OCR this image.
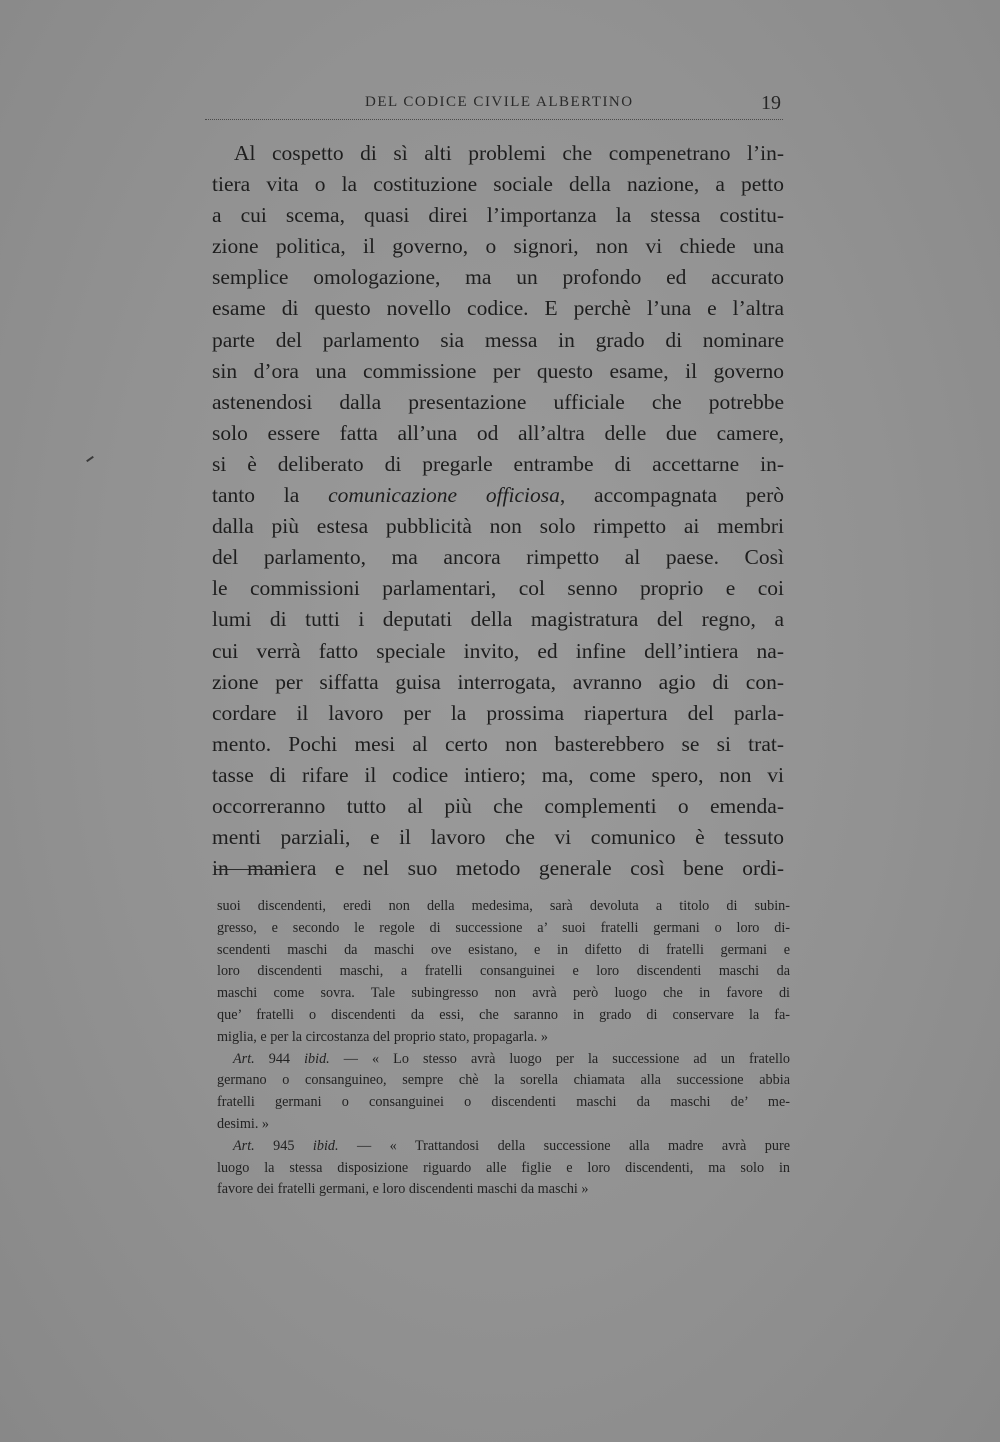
DEL CODICE CIVILE ALBERTINO	19
Al cospetto di sì alti problemi che compenetrano l’in-
tiera vita o la costituzione sociale della nazione, a petto
a cui scema, quasi direi l’importanza la stessa costitu-
zione politica, il governo, o signori, non vi chiede una
semplice omologazione, ma un profondo ed accurato
esame di questo novello codice. E perchè l’una e l’altra
parte del parlamento sia messa in grado di nominare
sin d’ora una commissione per questo esame, il governo
astenendosi dalla presentazione ufficiale che potrebbe
solo essere fatta all’una od all’altra delle due camere,
si è deliberato di pregarle entrambe di accettarne in-
tanto la comunicazione officiosa, accompagnata però
dalla più estesa pubblicità non solo rimpetto ai membri
del parlamento, ma ancora rimpetto al paese. Così
le commissioni parlamentari, col senno proprio e coi
lumi di tutti i deputati della magistratura del regno, a
cui verrà fatto speciale invito, ed infine dell’intiera na-
zione per siffatta guisa interrogata, avranno agio di con-
cordare il lavoro per la prossima riapertura del parla-
mento. Pochi mesi al certo non basterebbero se si trat-
tasse di rifare il codice intiero; ma, come spero, non vi
occorreranno tutto al più che complementi o emenda-
menti parziali, e il lavoro che vi comunico è tessuto
in maniera e nel suo metodo generale così bene ordi-
suoi discendenti, eredi non della medesima, sarà devoluta a titolo di subin-
gresso, e secondo le regole di successione a’ suoi fratelli germani o loro di-
scendenti maschi da maschi ove esistano, e in difetto di fratelli germani e
loro discendenti maschi, a fratelli consanguinei e loro discendenti maschi da
maschi come sovra. Tale subingresso non avrà però luogo che in favore di
que’ fratelli o discendenti da essi, che saranno in grado di conservare la fa-
miglia, e per la circostanza del proprio stato, propagarla. »
Art. 944 ibid. — « Lo stesso avrà luogo per la successione ad un fratello
germano o consanguineo, sempre chè la sorella chiamata alla successione abbia
fratelli germani o consanguinei o discendenti maschi da maschi de’ me-
desimi. »
Art. 945 ibid. — « Trattandosi della successione alla madre avrà pure
luogo la stessa disposizione riguardo alle figlie e loro discendenti, ma solo in
favore dei fratelli germani, e loro discendenti maschi da maschi »
